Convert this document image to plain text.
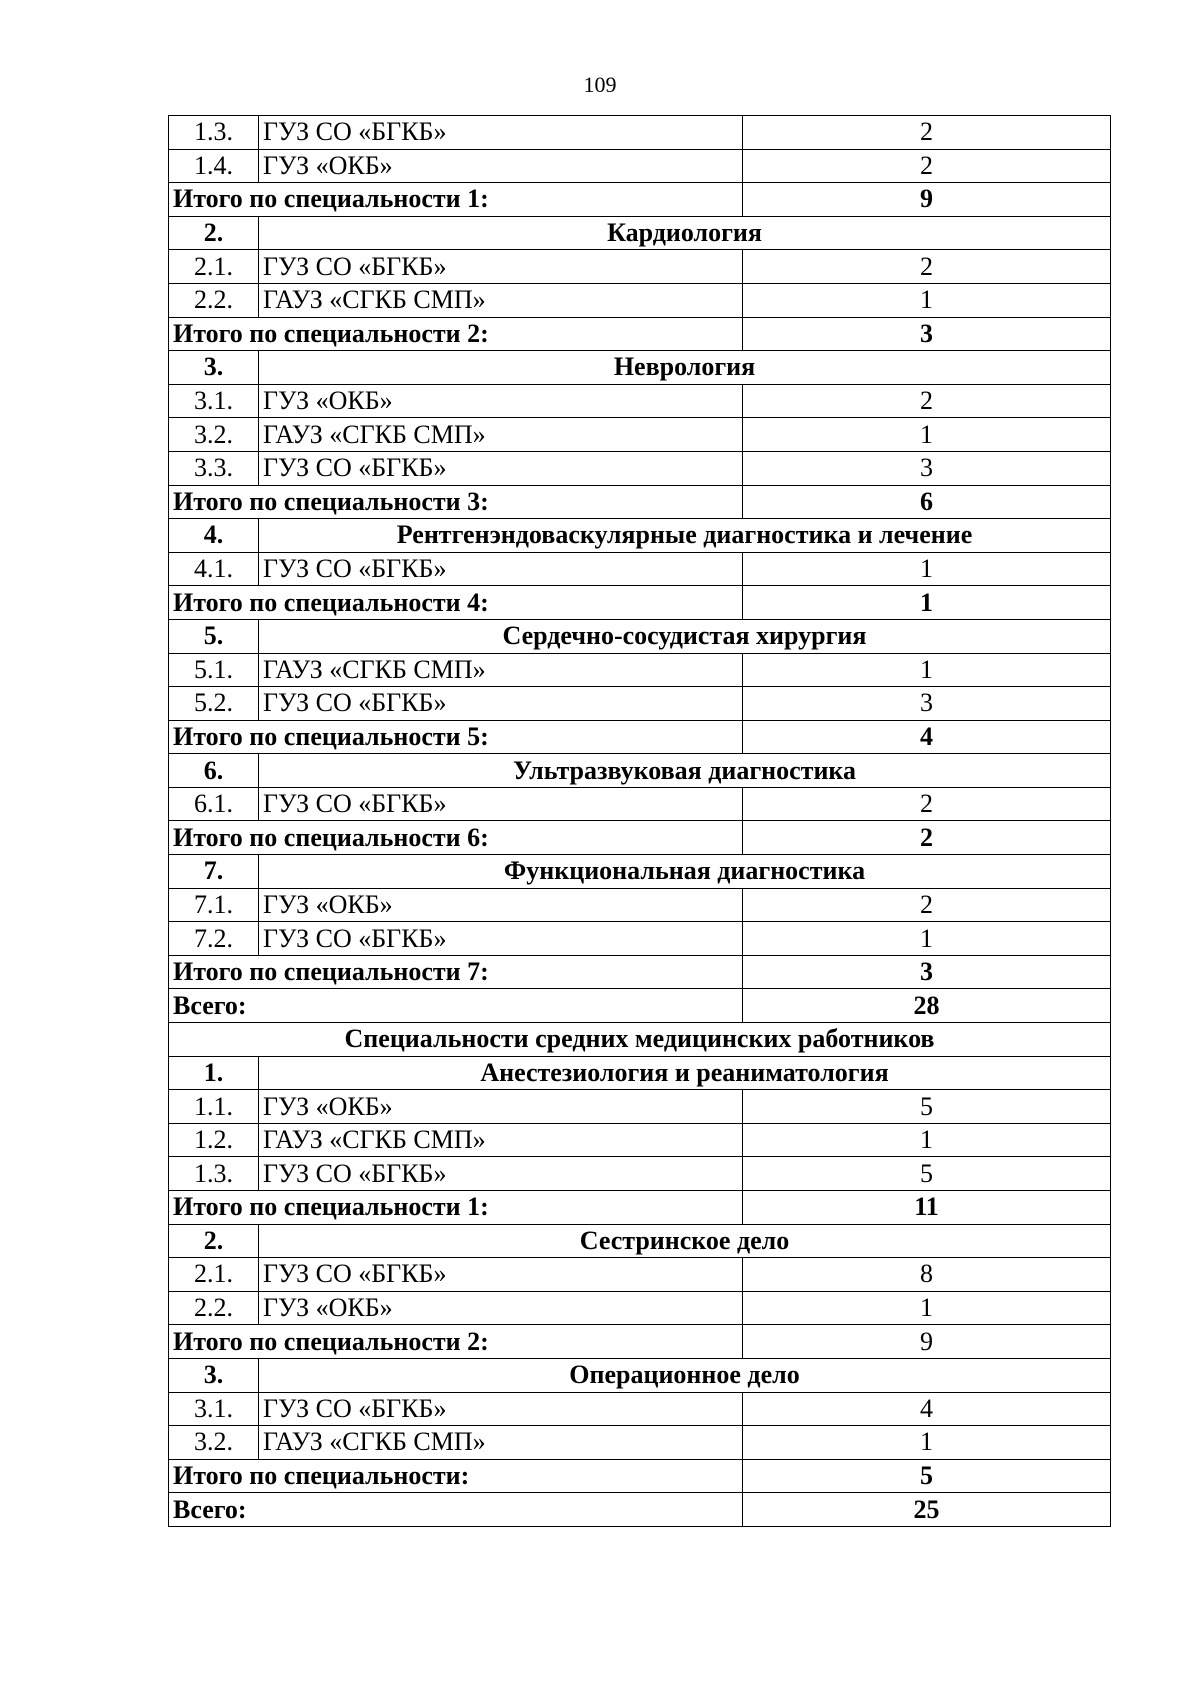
109
1.3.	ГУЗ СО «БГКБ»	2
1.4.	ГУЗ «ОКБ»	2
Итого по специальности 1:		9
2.	Кардиология	
2.1.	ГУЗ СО «БГКБ»	2
2.2.	ГАУЗ «СГКБ СМП»	1
Итого по специальности 2:		3
3.	Неврология	
3.1.	ГУЗ «ОКБ»	2
3.2.	ГАУЗ «СГКБ СМП»	1
3.3.	ГУЗ СО «БГКБ»	3
Итого по специальности 3:		6
4.	Рентгенэндоваскулярные диагностика и лечение	
4.1.	ГУЗ СО «БГКБ»	1
Итого по специальности 4:		1
5.	Сердечно-сосудистая хирургия	
5.1.	ГАУЗ «СГКБ СМП»	1
5.2.	ГУЗ СО «БГКБ»	3
Итого по специальности 5:		4
6.	Ультразвуковая диагностика	
6.1.	ГУЗ СО «БГКБ»	2
Итого по специальности 6:		2
7.	Функциональная диагностика	
7.1.	ГУЗ «ОКБ»	2
7.2.	ГУЗ СО «БГКБ»	1
Итого по специальности 7:		3
Всего:		28
Специальности средних медицинских работников		
1.	Анестезиология и реаниматология	
1.1.	ГУЗ «ОКБ»	5
1.2.	ГАУЗ «СГКБ СМП»	1
1.3.	ГУЗ СО «БГКБ»	5
Итого по специальности 1:		11
2.	Сестринское дело	
2.1.	ГУЗ СО «БГКБ»	8
2.2.	ГУЗ «ОКБ»	1
Итого по специальности 2:		9
3.	Операционное дело	
3.1.	ГУЗ СО «БГКБ»	4
3.2.	ГАУЗ «СГКБ СМП»	1
Итого по специальности:		5
Всего:		25
